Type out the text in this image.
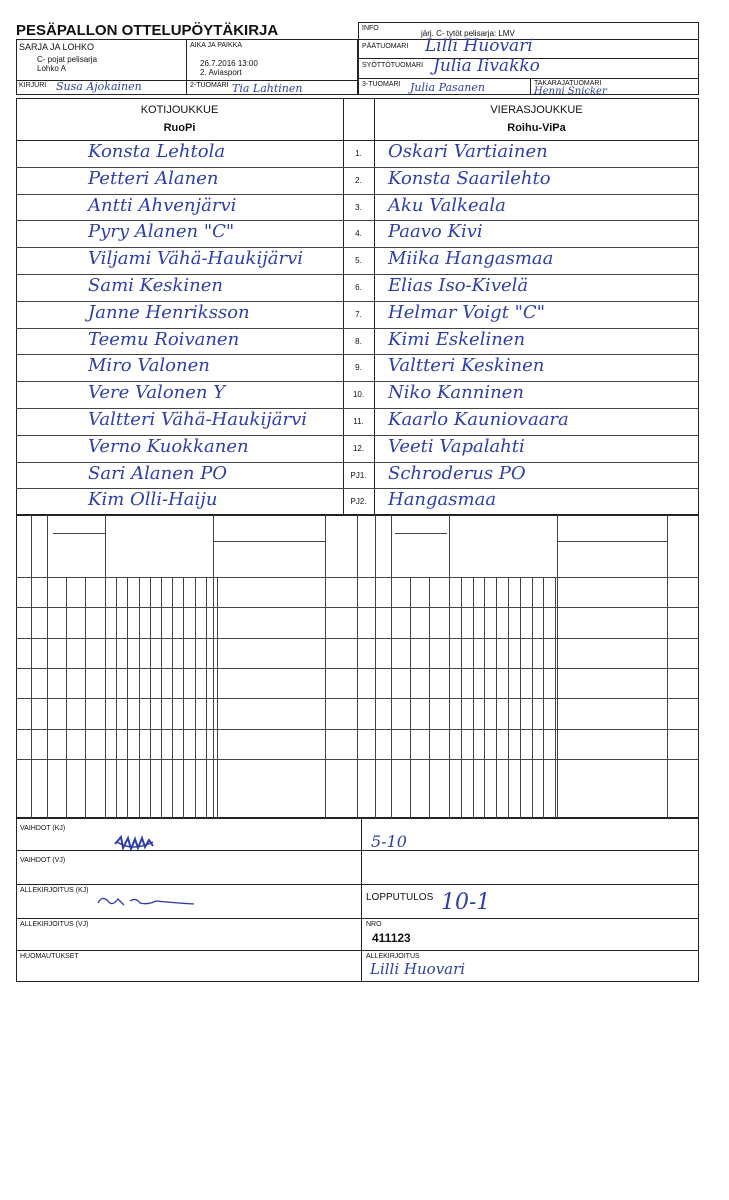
PESÄPALLON OTTELUPÖYTÄKIRJA
SARJA JA LOHKO
C- pojat pelisarja
Lohko A
AIKA JA PAIKKA
26.7.2016 13:00
2. Aviasport
KIRJURI Susa Ajokainen	2-TUOMARI Tia Lahtinen
INFO
järj. C- tytöt pelisarja: LMV
PÄÄTUOMARI Lilli Huovari
SYÖTTÖTUOMARI Julia Iivakko
3-TUOMARI Julia Pasanen	TAKARAJATUOMARI
Henni Snicker
KOTIJOUKKUE
RuoPi
VIERASJOUKKUE
Roihu-ViPa
1.
Konsta Lehtola	Oskari Vartiainen
2.
Petteri Alanen	Konsta Saarilehto
3.
Antti Ahvenjärvi	Aku Valkeala
4.
Pyry Alanen "C"	Paavo Kivi
5.
Viljami Vähä-Haukijärvi	Miika Hangasmaa
6.
Sami Keskinen	Elias Iso-Kivelä
7.
Janne Henriksson	Helmar Voigt "C"
8.
Teemu Roivanen	Kimi Eskelinen
9.
Miro Valonen	Valtteri Keskinen
10.
Vere Valonen Y	Niko Kanninen
11.
Valtteri Vähä-Haukijärvi	Kaarlo Kauniovaara
12.
Verno Kuokkanen	Veeti Vapalahti
PJ1.
Sari Alanen PO	Schroderus PO
PJ2.
Kim Olli-Haiju	Hangasmaa
VAIHDOT (KJ)
5-10
VAIHDOT (VJ)
ALLEKIRJOITUS (KJ)
LOPPUTULOS 10-1
ALLEKIRJOITUS (VJ)	NRO
411123
HUOMAUTUKSET	ALLEKIRJOITUS
Lilli Huovari
